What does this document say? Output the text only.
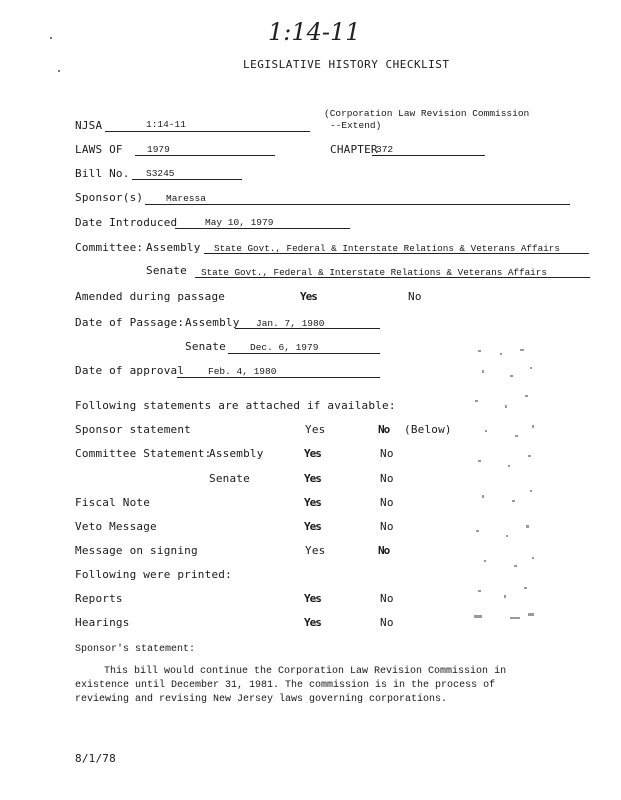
1:14-11
LEGISLATIVE HISTORY CHECKLIST
NJSA	1:14-11
(Corporation Law Revision Commission
--Extend)
LAWS OF	1979	CHAPTER
372
Bill No. S3245
Sponsor(s) Maressa
Date Introduced	May 10, 1979
Committee: Assembly State Govt., Federal & Interstate Relations & Veterans Affairs
Senate State Govt., Federal & Interstate Relations & Veterans Affairs
Amended during passage	Yes	No
Date of Passage: Assembly Jan. 7, 1980
Senate	Dec. 6, 1979
Date of approval	Feb. 4, 1980
Following statements are attached if available:
Sponsor statement	Yes	No (Below)
Committee Statement:
Assembly	Yes	No
Senate	Yes	No
Fiscal Note	Yes	No
Veto Message	Yes	No
Message on signing	Yes	No
Following were printed:
Reports	Yes	No
Hearings	Yes	No
Sponsor's statement:
This bill would continue the Corporation Law Revision Commission in
existence until December 31, 1981. The commission is in the process of
reviewing and revising New Jersey laws governing corporations.
8/1/78
